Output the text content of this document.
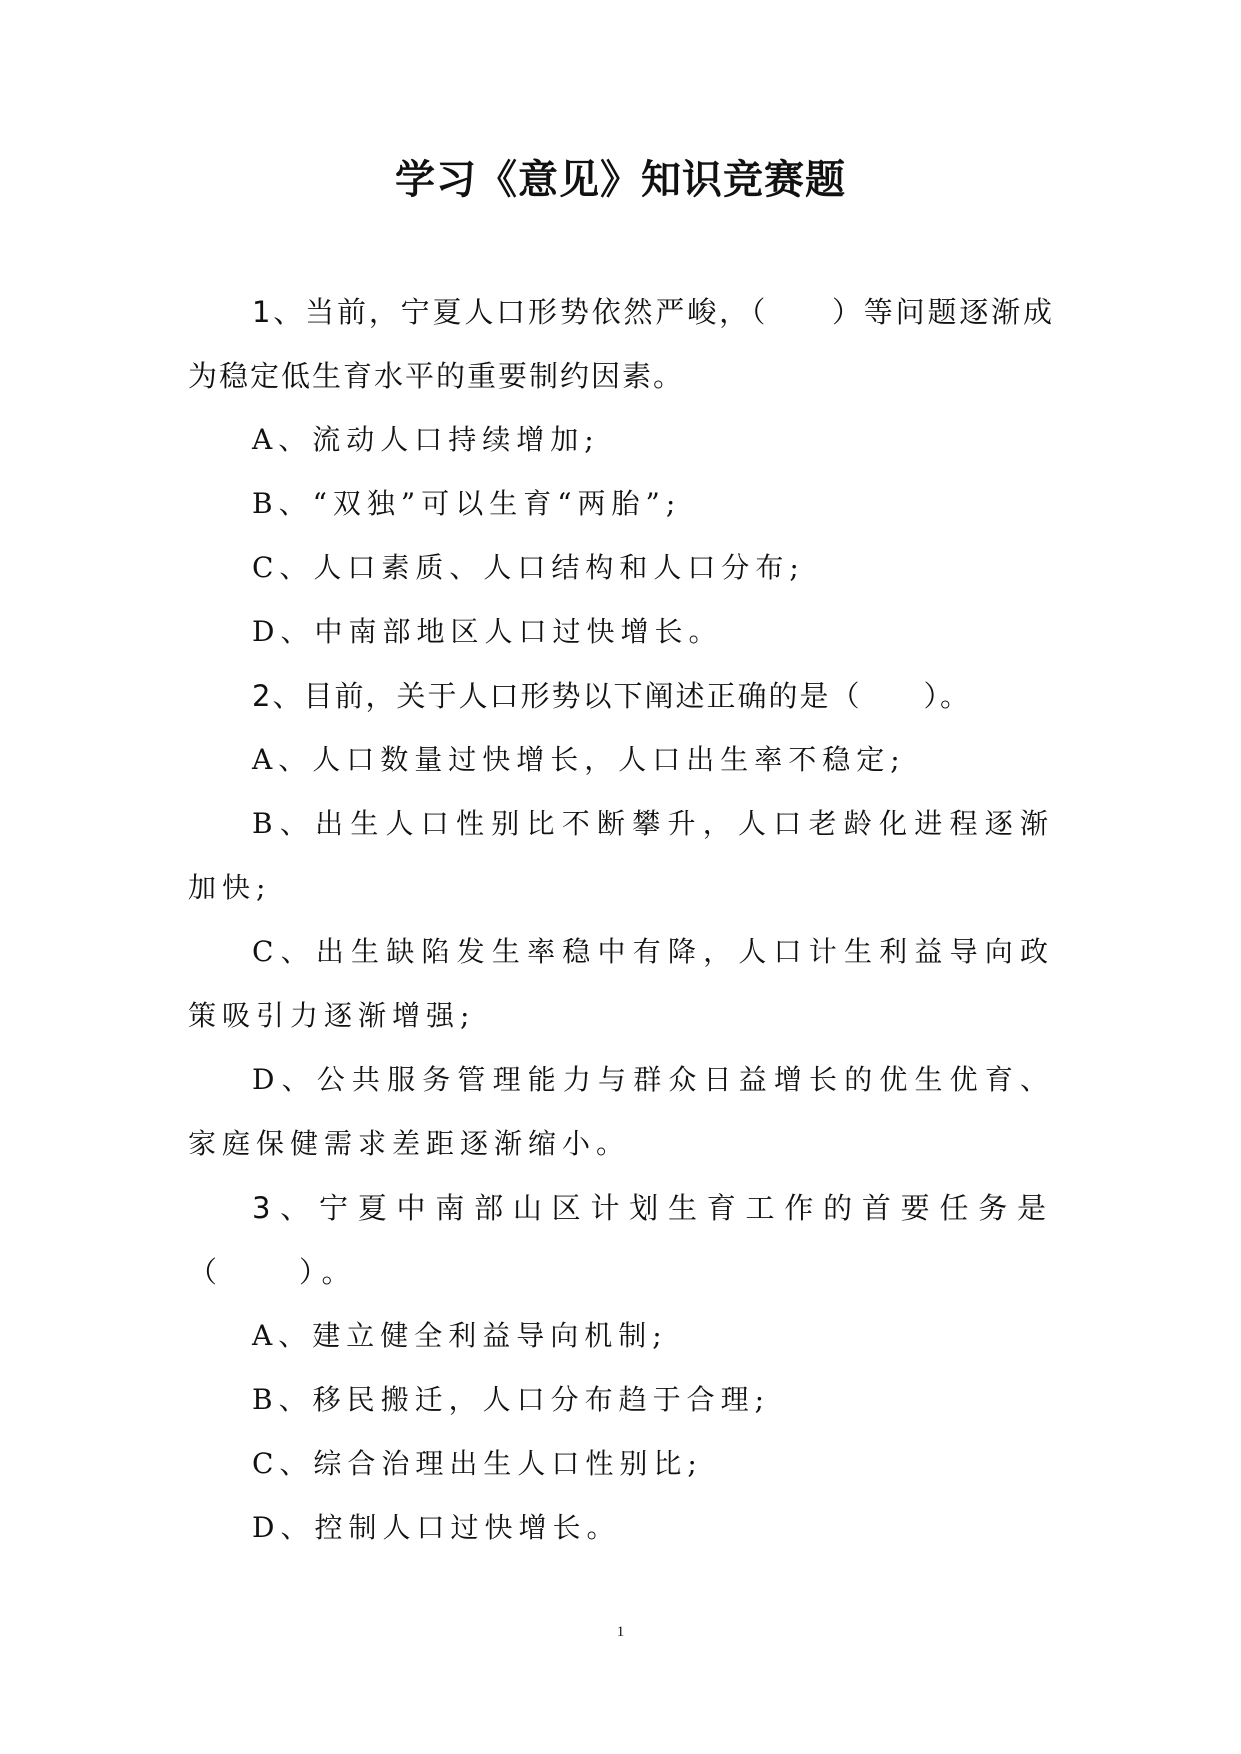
学习《意见》知识竞赛题

1、当前，宁夏人口形势依然严峻，（　　）等问题逐渐成为稳定低生育水平的重要制约因素。

A、流动人口持续增加;

B、“双独”可以生育“两胎”;

C、人口素质、人口结构和人口分布;

D、中南部地区人口过快增长。

2、目前，关于人口形势以下阐述正确的是（　　）。

A、人口数量过快增长，人口出生率不稳定;

B、出生人口性别比不断攀升，人口老龄化进程逐渐加快;

C、出生缺陷发生率稳中有降，人口计生利益导向政策吸引力逐渐增强;

D、公共服务管理能力与群众日益增长的优生优育、家庭保健需求差距逐渐缩小。

3、宁夏中南部山区计划生育工作的首要任务是（　　）。

A、建立健全利益导向机制;

B、移民搬迁，人口分布趋于合理;

C、综合治理出生人口性别比;

D、控制人口过快增长。

1
